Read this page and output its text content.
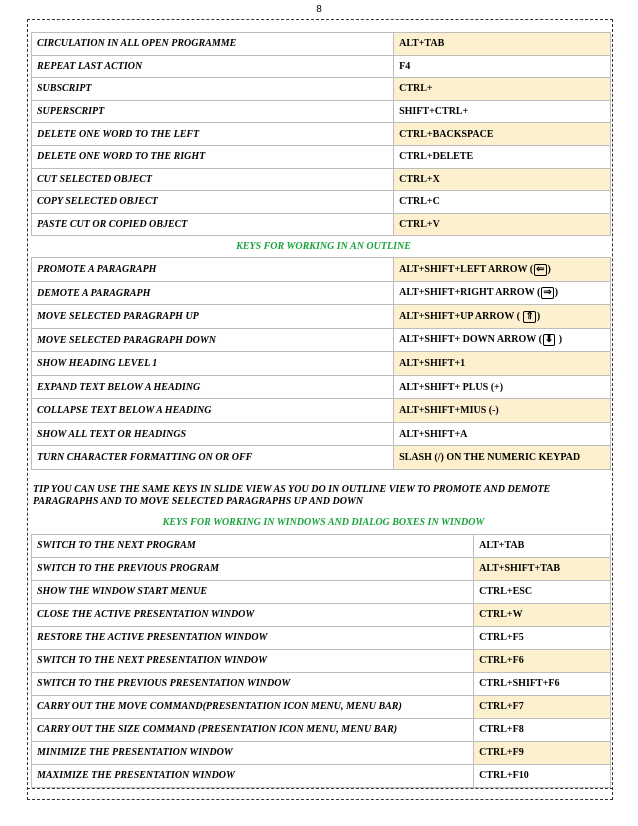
8
CIRCULATION IN ALL OPEN PROGRAMME	ALT+TAB
REPEAT LAST ACTION	F4
SUBSCRIPT	CTRL+
SUPERSCRIPT	SHIFT+CTRL+
DELETE ONE WORD TO THE LEFT	CTRL+BACKSPACE
DELETE ONE WORD TO THE RIGHT	CTRL+DELETE
CUT SELECTED OBJECT	CTRL+X
COPY SELECTED OBJECT	CTRL+C
PASTE CUT OR COPIED OBJECT	CTRL+V
KEYS FOR WORKING IN AN OUTLINE	
PROMOTE A PARAGRAPH	ALT+SHIFT+LEFT ARROW ( ⇐ )
DEMOTE A PARAGRAPH	ALT+SHIFT+RIGHT ARROW ( ⇒ )
MOVE SELECTED PARAGRAPH UP	ALT+SHIFT+UP ARROW ( ⇑ )
MOVE SELECTED PARAGRAPH DOWN	ALT+SHIFT+ DOWN ARROW ( ⬇ )
SHOW HEADING LEVEL 1	ALT+SHIFT+1
EXPAND TEXT BELOW A HEADING	ALT+SHIFT+ PLUS (+)
COLLAPSE TEXT BELOW A HEADING	ALT+SHIFT+MIUS (-)
SHOW ALL TEXT OR HEADINGS	ALT+SHIFT+A
TURN CHARACTER FORMATTING ON OR OFF	SLASH (/) ON THE NUMERIC KEYPAD
TIP YOU CAN USE THE SAME KEYS IN SLIDE VIEW AS YOU DO IN OUTLINE VIEW TO PROMOTE AND DEMOTE PARAGRAPHS AND TO MOVE SELECTED PARAGRAPHS UP AND DOWN
KEYS FOR WORKING IN WINDOWS AND DIALOG BOXES IN WINDOW	
SWITCH TO THE NEXT PROGRAM	ALT+TAB
SWITCH TO THE PREVIOUS PROGRAM	ALT+SHIFT+TAB
SHOW THE WINDOW START MENUE	CTRL+ESC
CLOSE THE ACTIVE PRESENTATION WINDOW	CTRL+W
RESTORE THE ACTIVE PRESENTATION WINDOW	CTRL+F5
SWITCH TO THE NEXT PRESENTATION WINDOW	CTRL+F6
SWITCH TO THE PREVIOUS PRESENTATION WINDOW	CTRL+SHIFT+F6
CARRY OUT THE MOVE COMMAND(PRESENTATION ICON MENU, MENU BAR)	CTRL+F7
CARRY OUT THE SIZE COMMAND (PRESENTATION ICON MENU, MENU BAR)	CTRL+F8
MINIMIZE THE PRESENTATION WINDOW	CTRL+F9
MAXIMIZE THE PRESENTATION WINDOW	CTRL+F10
